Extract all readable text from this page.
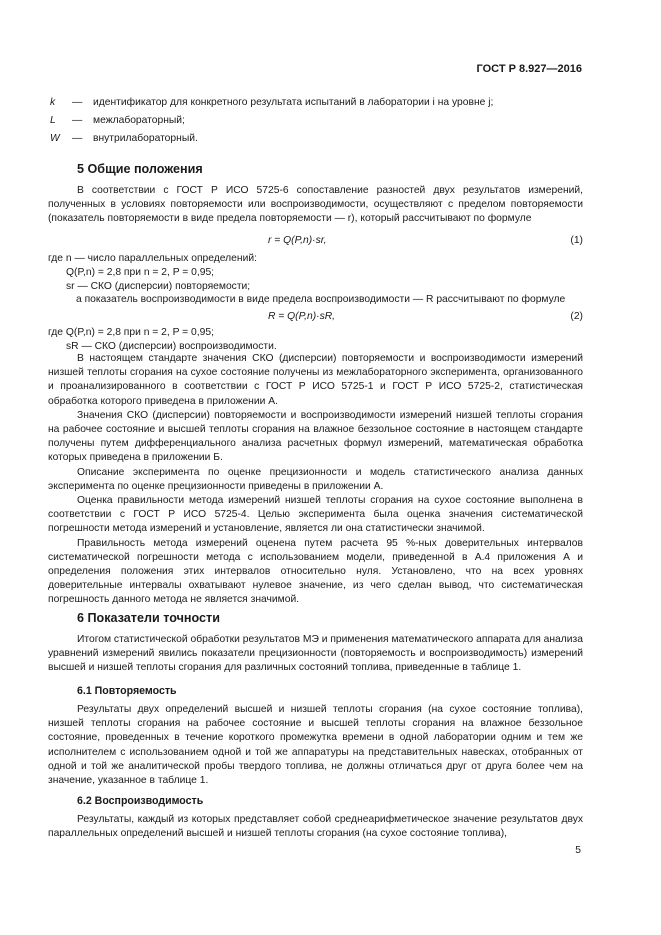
ГОСТ Р 8.927—2016
k	— идентификатор для конкретного результата испытаний в лаборатории i на уровне j;
L	— межлабораторный;
W	— внутрилабораторный.
5 Общие положения

В соответствии с ГОСТ Р ИСО 5725-6 сопоставление разностей двух результатов измерений, полученных в условиях повторяемости или воспроизводимости, осуществляют с пределом повторяемости (показатель повторяемости в виде предела повторяемости — r), который рассчитывают по формуле

r = Q(P,n)·sr,	(1)
где n — число параллельных определений:
Q(P,n) = 2,8 при n = 2, P = 0,95;
sr — СКО (дисперсии) повторяемости;
а показатель воспроизводимости в виде предела воспроизводимости — R рассчитывают по формуле
R = Q(P,n)·sR,	(2)
где Q(P,n) = 2,8 при n = 2, P = 0,95;
sR — СКО (дисперсии) воспроизводимости.

В настоящем стандарте значения СКО (дисперсии) повторяемости и воспроизводимости измерений низшей теплоты сгорания на сухое состояние получены из межлабораторного эксперимента, организованного и проанализированного в соответствии с ГОСТ Р ИСО 5725-1 и ГОСТ Р ИСО 5725-2, статистическая обработка которого приведена в приложении А.

Значения СКО (дисперсии) повторяемости и воспроизводимости измерений низшей теплоты сгорания на рабочее состояние и высшей теплоты сгорания на влажное беззольное состояние в настоящем стандарте получены путем дифференциального анализа расчетных формул измерений, математическая обработка которых приведена в приложении Б.

Описание эксперимента по оценке прецизионности и модель статистического анализа данных эксперимента по оценке прецизионности приведены в приложении А.

Оценка правильности метода измерений низшей теплоты сгорания на сухое состояние выполнена в соответствии с ГОСТ Р ИСО 5725-4. Целью эксперимента была оценка значения систематической погрешности метода измерений и установление, является ли она статистически значимой.

Правильность метода измерений оценена путем расчета 95 %-ных доверительных интервалов систематической погрешности метода с использованием модели, приведенной в А.4 приложения А и определения положения этих интервалов относительно нуля. Установлено, что на всех уровнях доверительные интервалы охватывают нулевое значение, из чего сделан вывод, что систематическая погрешность данного метода не является значимой.

6 Показатели точности

Итогом статистической обработки результатов МЭ и применения математического аппарата для анализа уравнений измерений явились показатели прецизионности (повторяемость и воспроизводимость) измерений высшей и низшей теплоты сгорания для различных состояний топлива, приведенные в таблице 1.

6.1 Повторяемость

Результаты двух определений высшей и низшей теплоты сгорания (на сухое состояние топлива), низшей теплоты сгорания на рабочее состояние и высшей теплоты сгорания на влажное беззольное состояние, проведенных в течение короткого промежутка времени в одной лаборатории одним и тем же исполнителем с использованием одной и той же аппаратуры на представительных навесках, отобранных от одной и той же аналитической пробы твердого топлива, не должны отличаться друг от друга более чем на значение, указанное в таблице 1.

6.2 Воспроизводимость

Результаты, каждый из которых представляет собой среднеарифметическое значение результатов двух параллельных определений высшей и низшей теплоты сгорания (на сухое состояние топлива),

5
